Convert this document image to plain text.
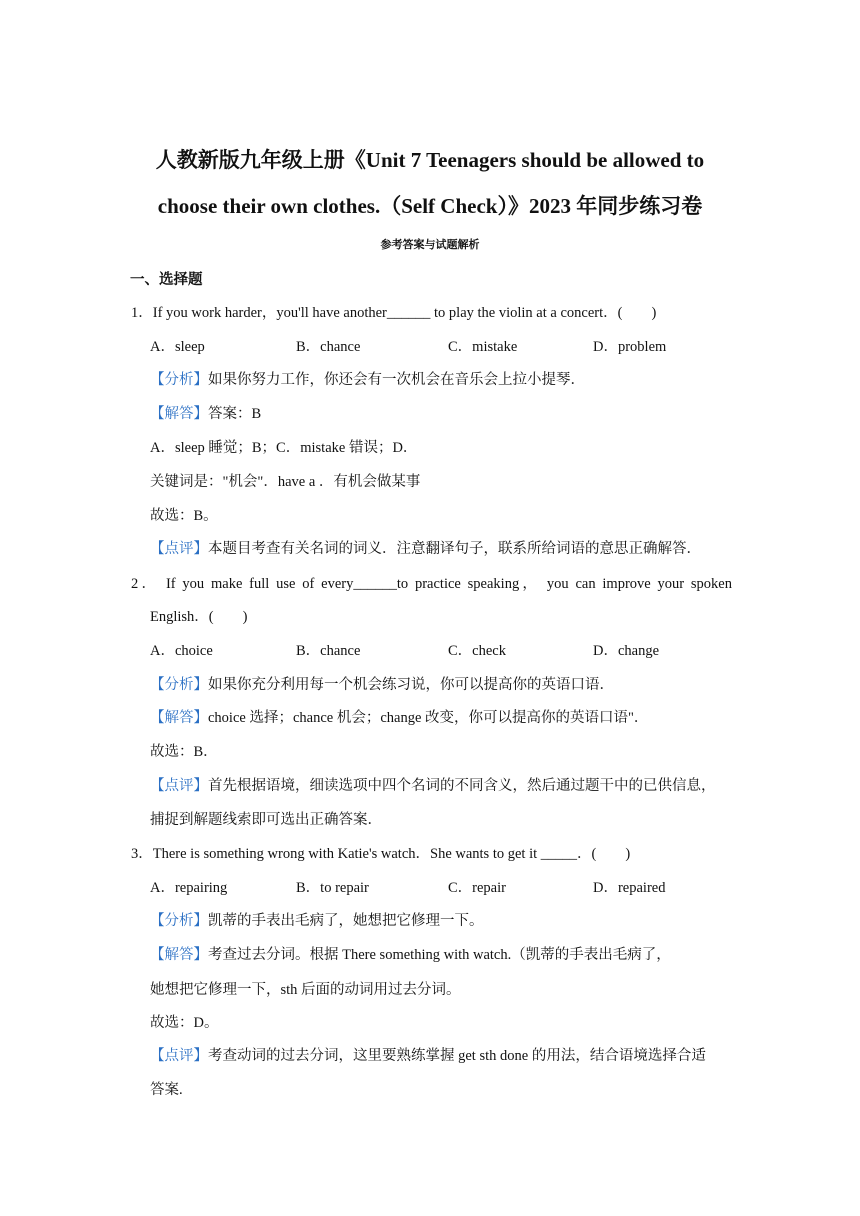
人教新版九年级上册《Unit 7 Teenagers should be allowed to
choose their own clothes.（Self Check）》2023 年同步练习卷
参考答案与试题解析
一、选择题
1．If you work harder，you'll have another______ to play the violin at a concert．(　　)
A．sleep	B．chance	C．mistake	D．problem
【分析】如果你努力工作，你还会有一次机会在音乐会上拉小提琴．
【解答】答案：B
A．sleep 睡觉；B；C．mistake 错误；D．
关键词是："机会"．have a ．有机会做某事
故选：B。
【点评】本题目考查有关名词的词义．注意翻译句子，联系所给词语的意思正确解答．
2． If you make full use of every______to practice speaking， you can improve your spoken
English．(　　)
A．choice	B．chance	C．check	D．change
【分析】如果你充分利用每一个机会练习说，你可以提高你的英语口语．
【解答】choice 选择；chance 机会；change 改变，你可以提高你的英语口语"．
故选：B．
【点评】首先根据语境，细读选项中四个名词的不同含义，然后通过题干中的已供信息，
捕捉到解题线索即可选出正确答案．
3．There is something wrong with Katie's watch．She wants to get it _____．(　　)
A．repairing	B．to repair	C．repair	D．repaired
【分析】凯蒂的手表出毛病了，她想把它修理一下。
【解答】考查过去分词。根据 There something with watch.（凯蒂的手表出毛病了，
她想把它修理一下，sth 后面的动词用过去分词。
故选：D。
【点评】考查动词的过去分词，这里要熟练掌握 get sth done 的用法，结合语境选择合适
答案.
